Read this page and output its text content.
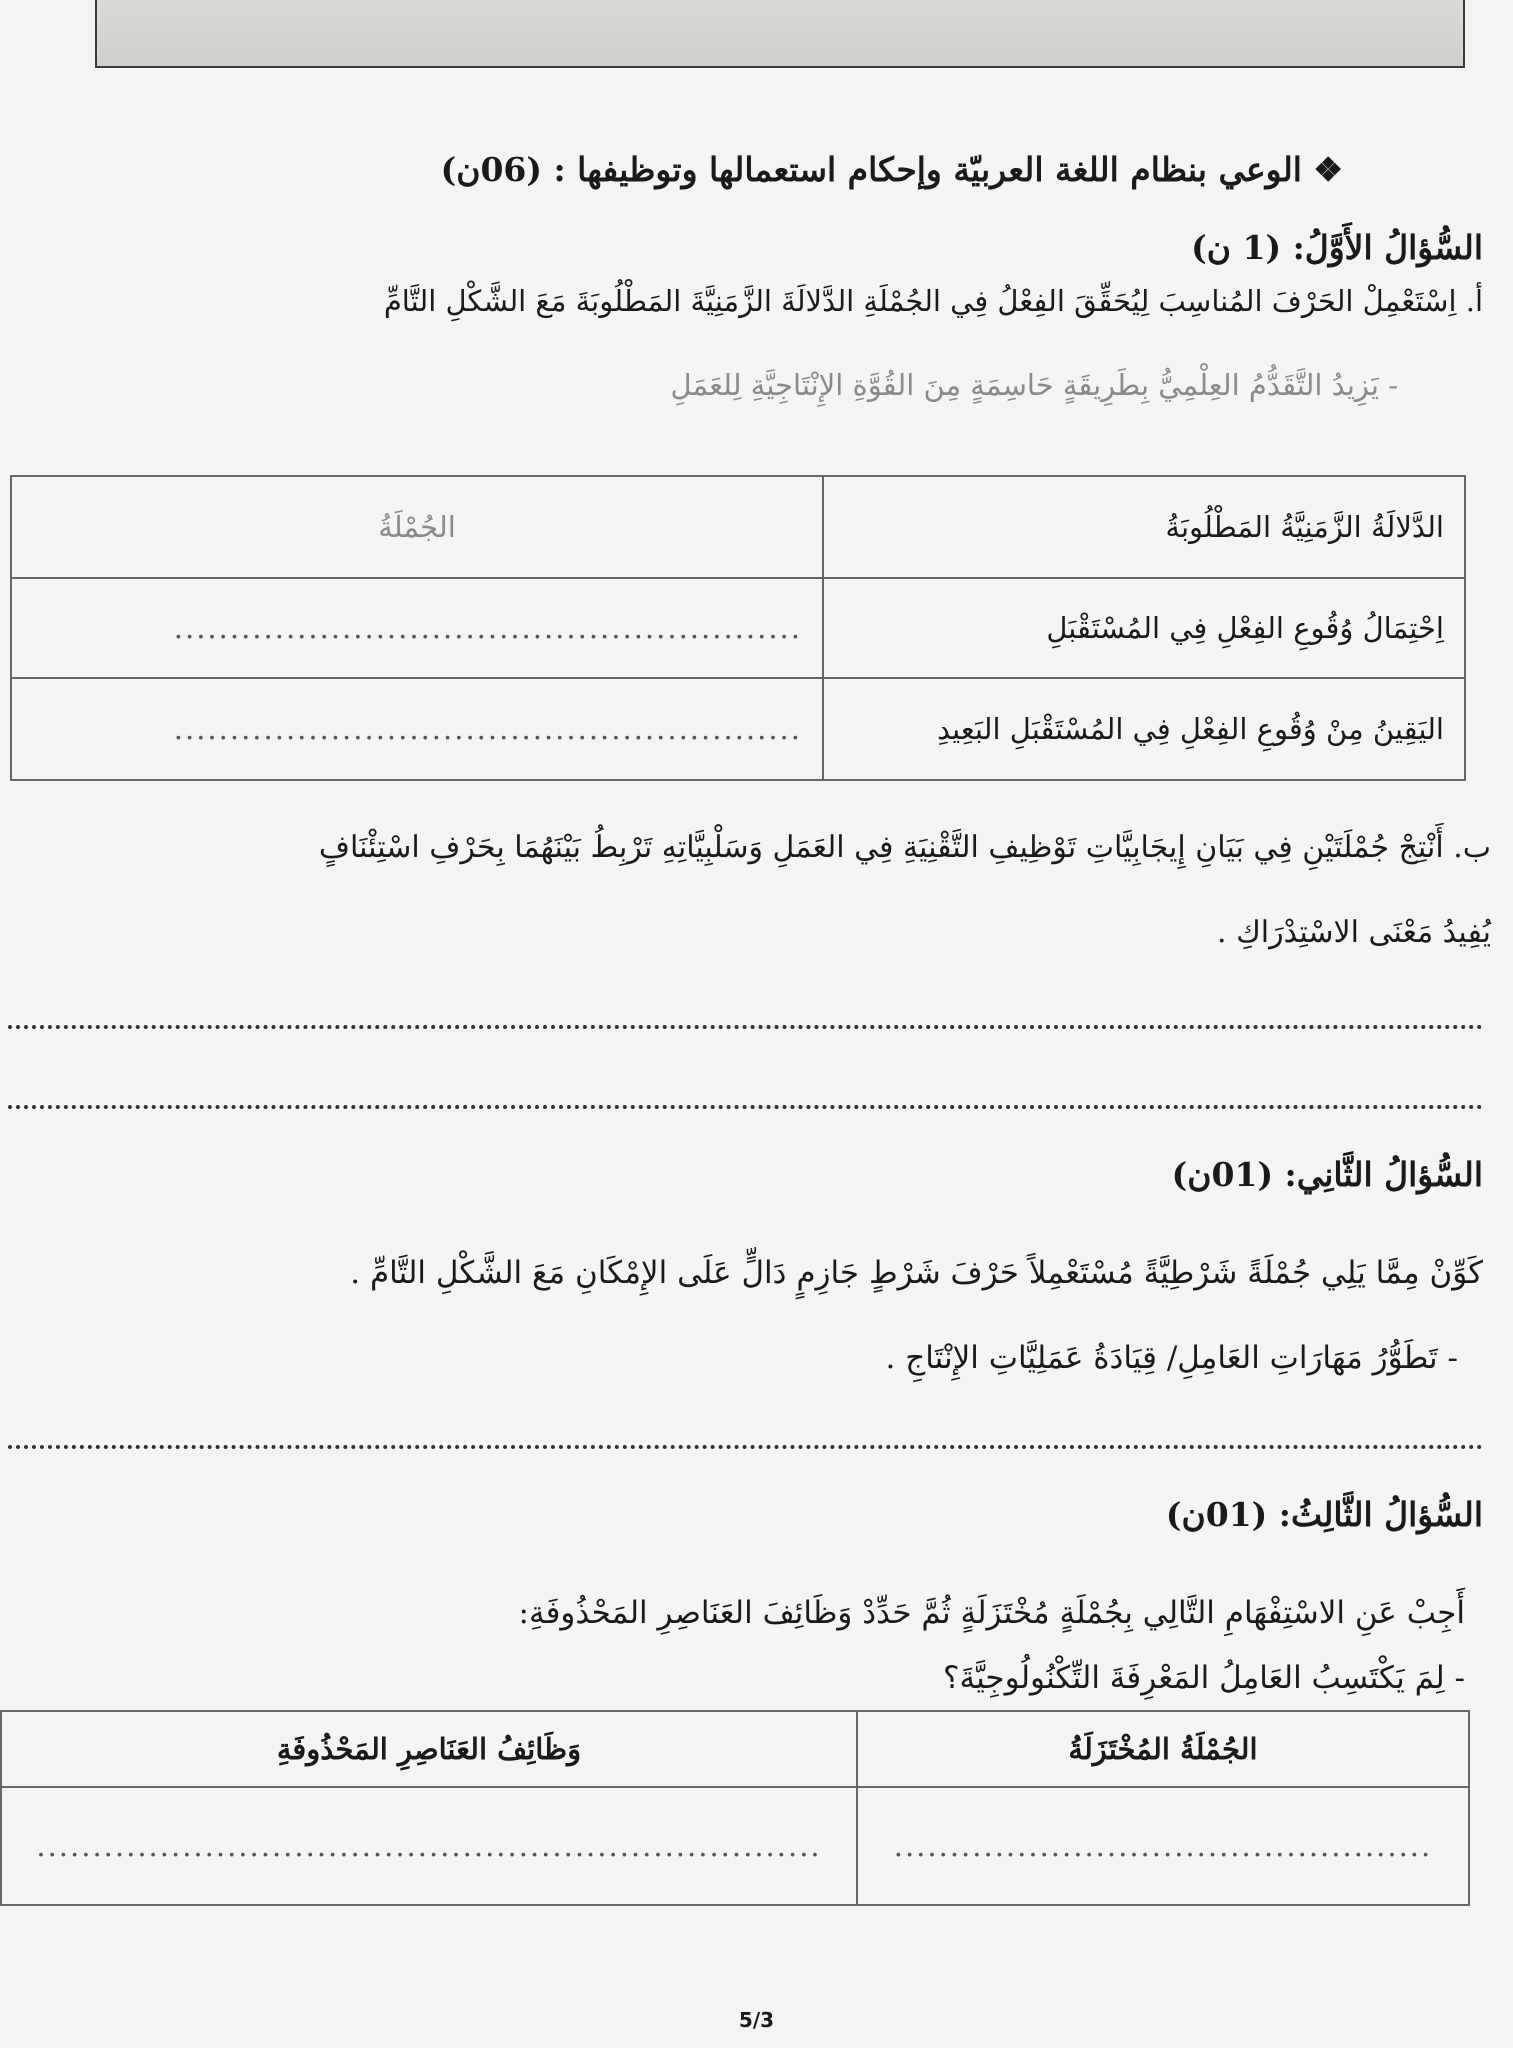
❖ الوعي بنظام اللغة العربيّة وإحكام استعمالها وتوظيفها : (06ن)
السُّؤالُ الأَوَّلُ: (1 ن)
أ. اِسْتَعْمِلْ الحَرْفَ المُناسِبَ لِيُحَقِّقَ الفِعْلُ فِي الجُمْلَةِ الدَّلالَةَ الزَّمَنِيَّةَ المَطْلُوبَةَ مَعَ الشَّكْلِ التَّامِّ
- يَزِيدُ التَّقَدُّمُ العِلْمِيُّ بِطَرِيقَةٍ حَاسِمَةٍ مِنَ القُوَّةِ الإِنْتَاجِيَّةِ لِلعَمَلِ
الدَّلالَةُ الزَّمَنِيَّةُ المَطْلُوبَةُ	الجُمْلَةُ
اِحْتِمَالُ وُقُوعِ الفِعْلِ فِي المُسْتَقْبَلِ	........................................................
اليَقِينُ مِنْ وُقُوعِ الفِعْلِ فِي المُسْتَقْبَلِ البَعِيدِ	........................................................
ب. أَنْتِجْ جُمْلَتَيْنِ فِي بَيَانِ إِيجَابِيَّاتِ تَوْظِيفِ التَّقْنِيَةِ فِي العَمَلِ وَسَلْبِيَّاتِهِ تَرْبِطُ بَيْنَهُمَا بِحَرْفِ اسْتِئْنَافٍ
يُفِيدُ مَعْنَى الاسْتِدْرَاكِ .
السُّؤالُ الثَّانِي: (01ن)
كَوِّنْ مِمَّا يَلِي جُمْلَةً شَرْطِيَّةً مُسْتَعْمِلاً حَرْفَ شَرْطٍ جَازِمٍ دَالٍّ عَلَى الإِمْكَانِ مَعَ الشَّكْلِ التَّامِّ .
- تَطَوُّرُ مَهَارَاتِ العَامِلِ/ قِيَادَةُ عَمَلِيَّاتِ الإِنْتَاجِ .
السُّؤالُ الثَّالِثُ: (01ن)
أَجِبْ عَنِ الاسْتِفْهَامِ التَّالِي بِجُمْلَةٍ مُخْتَزَلَةٍ ثُمَّ حَدِّدْ وَظَائِفَ العَنَاصِرِ المَحْذُوفَةِ:
- لِمَ يَكْتَسِبُ العَامِلُ المَعْرِفَةَ التِّكْنُولُوجِيَّةَ؟
الجُمْلَةُ المُخْتَزَلَةُ	وَظَائِفُ العَنَاصِرِ المَحْذُوفَةِ
................................................	......................................................................
5/3
